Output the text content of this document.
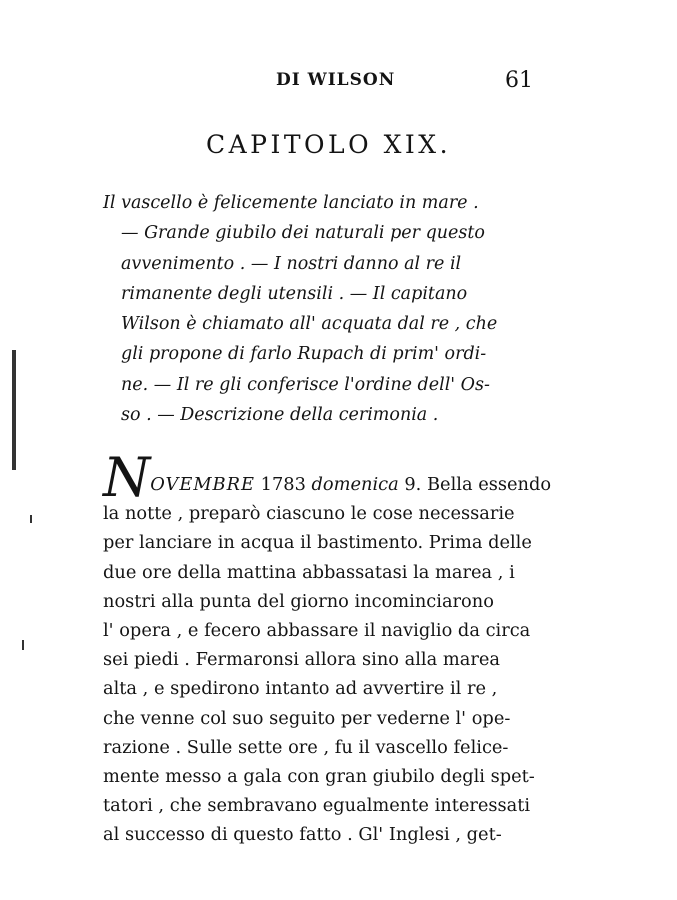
DI WILSON	61
CAPITOLO XIX.
Il vascello è felicemente lanciato in mare .
— Grande giubilo dei naturali per questo
avvenimento . — I nostri danno al re il
rimanente degli utensili . — Il capitano
Wilson è chiamato all' acquata dal re , che
gli propone di farlo Rupach di prim' ordi-
ne. — Il re gli conferisce l'ordine dell' Os-
so . — Descrizione della cerimonia .
NOVEMBRE 1783 domenica 9. Bella essendo
la notte , preparò ciascuno le cose necessarie
per lanciare in acqua il bastimento. Prima delle
due ore della mattina abbassatasi la marea , i
nostri alla punta del giorno incominciarono
l' opera , e fecero abbassare il naviglio da circa
sei piedi . Fermaronsi allora sino alla marea
alta , e spedirono intanto ad avvertire il re ,
che venne col suo seguito per vederne l' ope-
razione . Sulle sette ore , fu il vascello felice-
mente messo a gala con gran giubilo degli spet-
tatori , che sembravano egualmente interessati
al successo di questo fatto . Gl' Inglesi , get-
